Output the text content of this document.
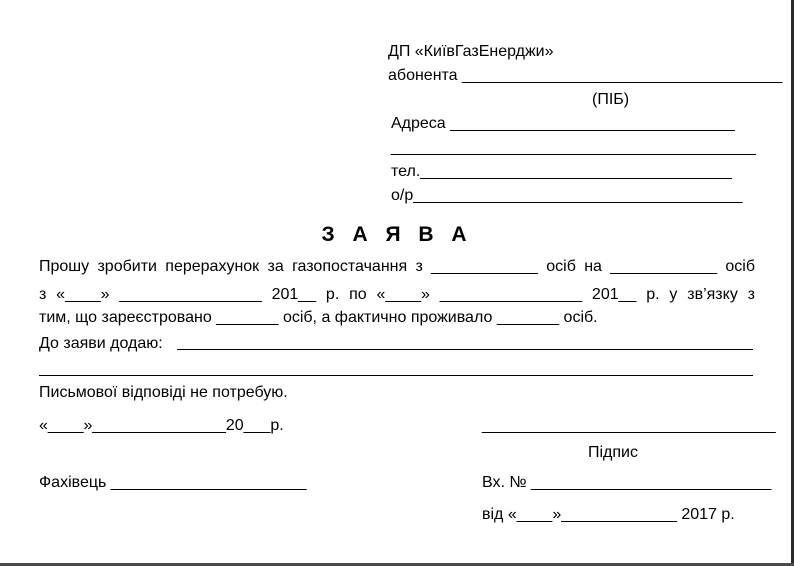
ДП «КиївГазЕнерджи»
абонента ____________________________________
(ПІБ)
Адреса ________________________________
_________________________________________
тел.___________________________________
о/р_____________________________________
З А Я В А
Прошу зробити перерахунок за газопостачання з ____________ осіб на ____________ осіб
з «____» ________________ 201__ р. по «____» ________________ 201__ р. у зв’язку з
тим, що зареєстровано _______ осіб, а фактично проживало _______ осіб.
До заяви додаю:
Письмової відповіді не потребую.
«____»_______________20___р.	_________________________________
Підпис
Фахівець ______________________	Вх. № ___________________________
від «____»_____________ 2017 р.
